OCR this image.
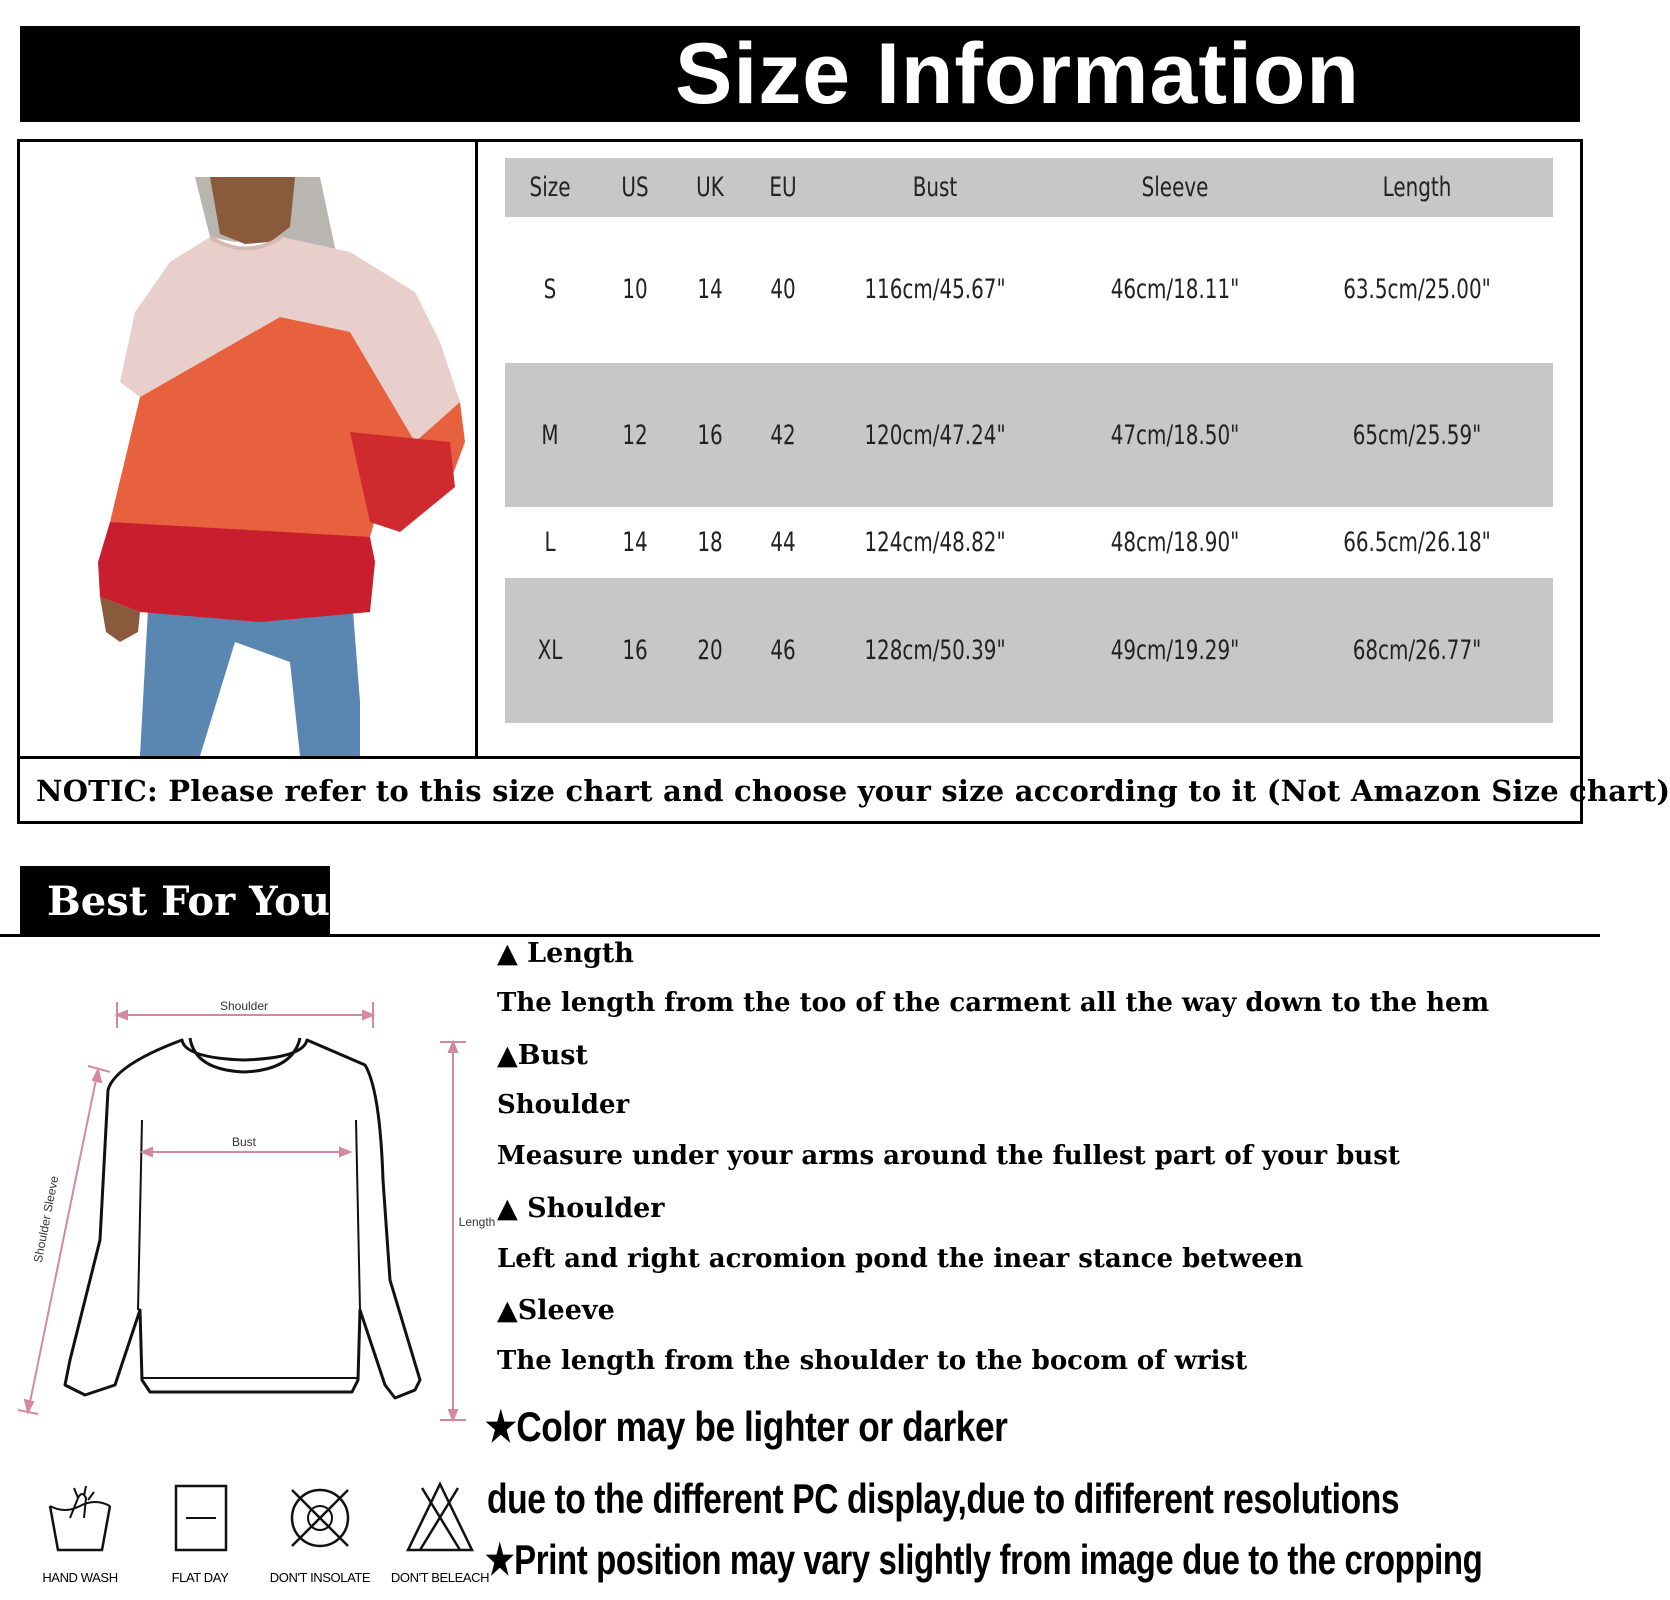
Size Information
NOTIC: Please refer to this size chart and choose your size according to it (Not Amazon Size chart)
Size	US	UK	EU	Bust	Sleeve	Length
S	10	14	40	116cm/45.67"	46cm/18.11"	63.5cm/25.00"
M	12	16	42	120cm/47.24"	47cm/18.50"	65cm/25.59"
L	14	18	44	124cm/48.82"	48cm/18.90"	66.5cm/26.18"
XL	16	20	46	128cm/50.39"	49cm/19.29"	68cm/26.77"
Best For You
Shoulder
Bust
Shoulder Sleeve	Length
HAND WASH	FLAT DAY	DON'T INSOLATE	DON'T BELEACH
▲ Length
The length from the too of the carment all the way down to the hem
▲Bust
Shoulder
Measure under your arms around the fullest part of your bust
▲ Shoulder
Left and right acromion pond the inear stance between
▲Sleeve
The length from the shoulder to the bocom of wrist
★Color may be lighter or darker
due to the different PC display,due to dififerent resolutions
★Print position may vary slightly from image due to the cropping
